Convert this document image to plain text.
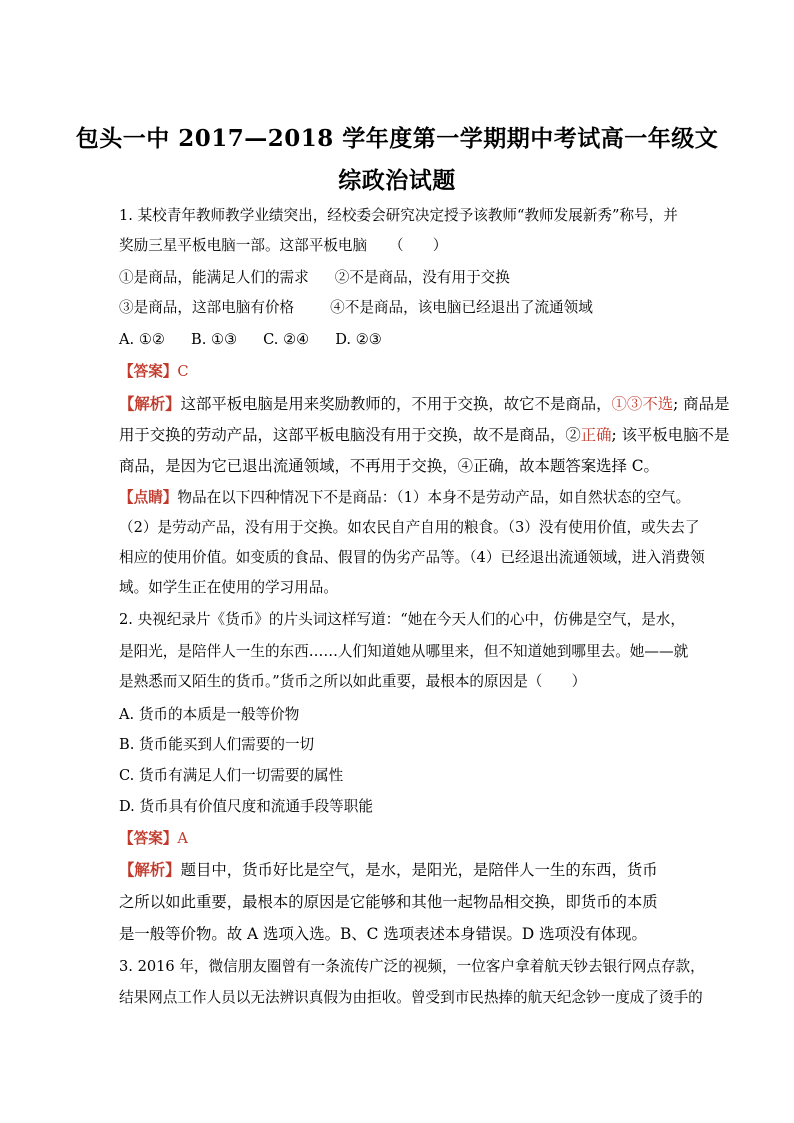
包头一中 2017—2018 学年度第一学期期中考试高一年级文
综政治试题
1. 某校青年教师教学业绩突出，经校委会研究决定授予该教师“教师发展新秀”称号，并
奖励三星平板电脑一部。这部平板电脑　　（　　）
①是商品，能满足人们的需求 ②不是商品，没有用于交换
③是商品，这部电脑有价格 ④不是商品，该电脑已经退出了流通领域
A. ①② B. ①③ C. ②④ D. ②③
【答案】C
【解析】这部平板电脑是用来奖励教师的，不用于交换，故它不是商品，①③不选; 商品是
用于交换的劳动产品，这部平板电脑没有用于交换，故不是商品，②正确; 该平板电脑不是
商品，是因为它已退出流通领域，不再用于交换，④正确，故本题答案选择 C。
【点睛】物品在以下四种情况下不是商品：（1）本身不是劳动产品，如自然状态的空气。
（2）是劳动产品，没有用于交换。如农民自产自用的粮食。（3）没有使用价值，或失去了
相应的使用价值。如变质的食品、假冒的伪劣产品等。（4）已经退出流通领域，进入消费领
域。如学生正在使用的学习用品。
2. 央视纪录片《货币》的片头词这样写道：“她在今天人们的心中，仿佛是空气，是水，
是阳光，是陪伴人一生的东西……人们知道她从哪里来，但不知道她到哪里去。她——就
是熟悉而又陌生的货币。”货币之所以如此重要，最根本的原因是（　　）
A. 货币的本质是一般等价物
B. 货币能买到人们需要的一切
C. 货币有满足人们一切需要的属性
D. 货币具有价值尺度和流通手段等职能
【答案】A
【解析】题目中，货币好比是空气，是水，是阳光，是陪伴人一生的东西，货币
之所以如此重要，最根本的原因是它能够和其他一起物品相交换，即货币的本质
是一般等价物。故 A 选项入选。B、C 选项表述本身错误。D 选项没有体现。
3. 2016 年，微信朋友圈曾有一条流传广泛的视频，一位客户拿着航天钞去银行网点存款，
结果网点工作人员以无法辨识真假为由拒收。曾受到市民热捧的航天纪念钞一度成了烫手的
